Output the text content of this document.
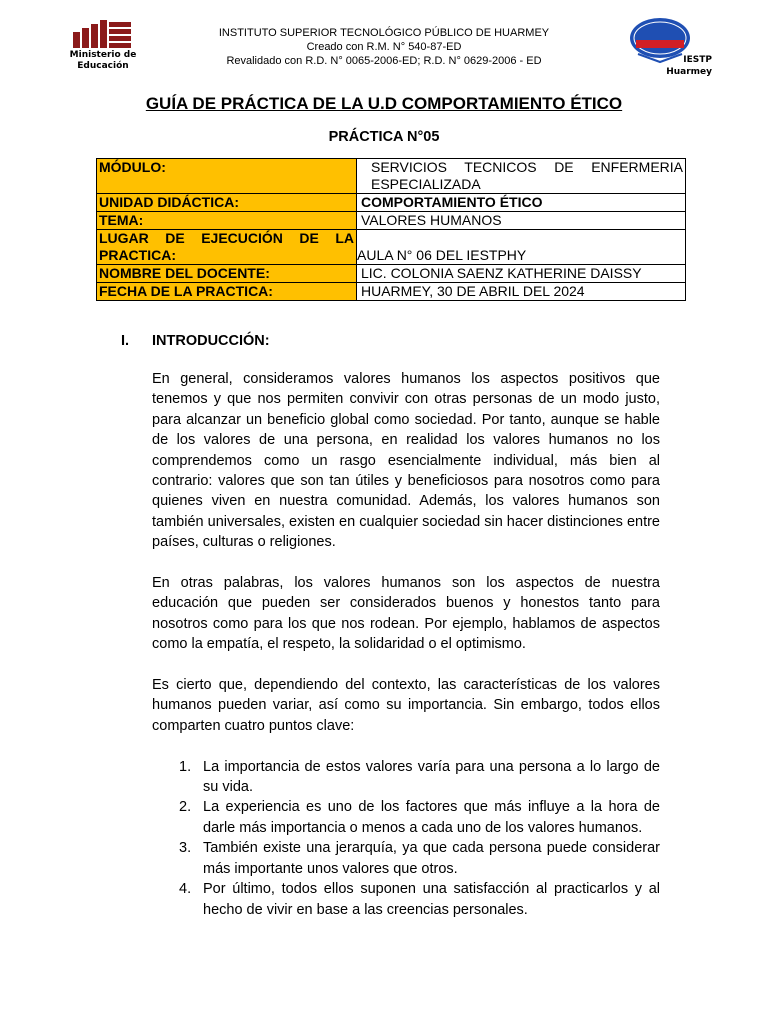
Ministerio de Educación
INSTITUTO SUPERIOR TECNOLÓGICO PÚBLICO DE HUARMEY
Creado con R.M. N° 540-87-ED
Revalidado con R.D. N° 0065-2006-ED; R.D. N° 0629-2006 - ED	IESTP
Huarmey
GUÍA DE PRÁCTICA DE LA U.D COMPORTAMIENTO ÉTICO
PRÁCTICA N°05
MÓDULO:	SERVICIOS TECNICOS DE ENFERMERIA ESPECIALIZADA

UNIDAD DIDÁCTICA:	COMPORTAMIENTO ÉTICO
TEMA:	VALORES HUMANOS
LUGAR DE EJECUCIÓN DE LA PRACTICA:	AULA N° 06 DEL IESTPHY
NOMBRE DEL DOCENTE:	LIC. COLONIA SAENZ KATHERINE DAISSY
FECHA DE LA PRACTICA:	HUARMEY, 30 DE ABRIL DEL 2024
I. INTRODUCCIÓN:

En general, consideramos valores humanos los aspectos positivos que tenemos y que nos permiten convivir con otras personas de un modo justo, para alcanzar un beneficio global como sociedad. Por tanto, aunque se hable de los valores de una persona, en realidad los valores humanos no los comprendemos como un rasgo esencialmente individual, más bien al contrario: valores que son tan útiles y beneficiosos para nosotros como para quienes viven en nuestra comunidad. Además, los valores humanos son también universales, existen en cualquier sociedad sin hacer distinciones entre países, culturas o religiones.

En otras palabras, los valores humanos son los aspectos de nuestra educación que pueden ser considerados buenos y honestos tanto para nosotros como para los que nos rodean. Por ejemplo, hablamos de aspectos como la empatía, el respeto, la solidaridad o el optimismo.

Es cierto que, dependiendo del contexto, las características de los valores humanos pueden variar, así como su importancia. Sin embargo, todos ellos comparten cuatro puntos clave:

1. La importancia de estos valores varía para una persona a lo largo de su vida.
2. La experiencia es uno de los factores que más influye a la hora de darle más importancia o menos a cada uno de los valores humanos.
3. También existe una jerarquía, ya que cada persona puede considerar más importante unos valores que otros.
4. Por último, todos ellos suponen una satisfacción al practicarlos y al hecho de vivir en base a las creencias personales.
